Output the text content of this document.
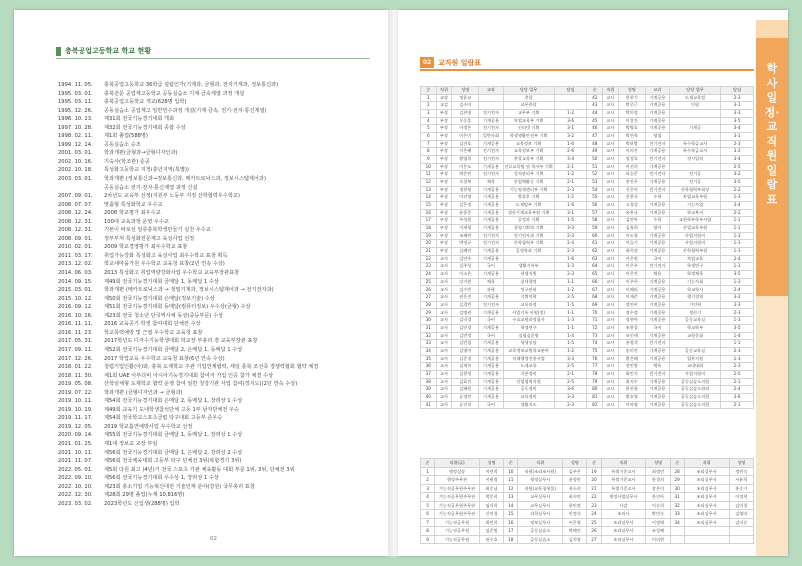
충북공업고등학교 학교 현황
1994. 11. 05. 충북공업고등학교 36학급 설립인가(기계과, 금형과, 전자기계과, 정보통신과)
1995. 03. 01. 충북전문 공업계고등학교 공동실습소 기계·금속계열 과정 개설
1995. 03. 11. 충북공업고등학교 개교(628명 입학)
1995. 12. 26. 공동실습소 공업계고 일반연수과정 개설(기계·금속, 전기·전자·통신계열)
1996. 10. 23. 제31회 전국기능경기대회 개최
1997. 10. 28. 제32회 전국기능경기대회 종합 수상
1998. 02. 11. 제1회 졸업(588명)
1999. 12. 14. 공동실습소 승조
2001. 03. 01. 학과개편(금형과→금형디자인과)
2002. 10. 16. 기숙사(학조관) 준공
2002. 10. 18. 특성화고등학교 지정(충년지역(특별))
2003. 03. 01. 학과개편 (정보통신과→정보통신과, 메카트로닉스과, 정보시스템제어과)
공동실습소 전기·전자·통신계열 과정 신설
2007. 09. 01. 2차년도 교육부 선정(지원부 노동부 지정 산학협력우수학교)
2008. 07. 07. 맞춤형 특성화학교 우수교
2008. 12. 24. 2008 학교평가 최우수교
2008. 12. 31. 100대 교육과정 운영 우수교
2008. 12. 31. 기본이 바로선 일류충북학생만들기 실천 우수교
2008. 09. 01. 정부부처 특성화전문계고 육성사업 선정
2010. 02. 01. 2009 학교경영평가 최우수학교 표창
2011. 03. 17. 취업가능강화 특성화고 육성사업 최우수학교 표창 획득
2013. 12. 02. 학교새마을가원 우수학교 교육청 표창(2년 연속 수상)
2014. 06. 03. 2013 특성화고 취업역량강화사업 우수학교 교육부장관표창
2014. 09. 15. 제49회 전국기능경기대회 금메달 1, 동메달 1 수상
2015. 03. 01. 학과개편 (메카트로닉스과 → 정밀기계과, 정보시스템제어과 → 전기전자과)
2015. 10. 12. 제50회 전국기능경기대회 은메달(정보기술) 수상
2016. 09. 12. 제51회 전국기능경기대회 동메달(컴퓨터정보) 우수상(금형) 수상
2016. 10. 16. 제23회 전국 청소년 단국역사체 동상(중등부문) 수상
2016. 11. 11. 2016 교육공기 학생 참여대회 단체전 수상
2016. 11. 23. 학교폭력예방 및 근절 우수학교 교육청 표창
2017. 05. 31. 2017학년도 디자수기능학생대회 학교장 부총리 겸 교육부장관 표창
2017. 09. 11. 제52회 전국기능경기대회 금메달 2, 은메달 1, 동메달 1 수상
2017. 12. 26. 2017 학업교육 우수학교 교육청 표창(6년 연속 수상)
2018. 01. 22. 청렴기업인활(아)와, 충북 도제학교 주관 기업연계협력, 세일 충북 조선족 경쟁력협회 협약 체결
2018. 11. 30. 제1회 UAE 아부다비 아시아기능경기대회 참여자 가입 인증 참가 체결 수상
2019. 05. 08. 산학일체형 도제학교 협약 운영 참여 일반 청강기관 사업 참여(경지도)(2년 연속 수상)
2019. 07. 22. 학과개편 (금형디자인과 → 금형과)
2019. 10. 11. 제54회 전국기능경기대회 은메달 2, 동메달 1, 장려상 1 수상
2019. 10. 19. 제49회 교육기 도내학생참석단체 고등 1부 남자단체전 우승
2019. 11. 17. 제54회 전국학교스포츠클럽 탁구대회 고등부 준우승
2019. 12. 05. 2019 학교흡연예방사업 우수학교 선정
2020. 09. 14. 제55회 전국기능경기대회 금메달 1, 동메달 1, 장려상 1 수상
2021. 01. 25. 제1대 정보교 교장 부임
2021. 10. 11. 제56회 전국기능경기대회 금메달 1, 은메달 2, 장려상 2 수상
2021. 11. 07. 제56회 전국체육대회 고등부 탁구 단체전 3위(복합경기 3위)
2022. 05. 01. 제5회 다원 최고 (4년)기 전국 스포츠 기관 체육활동 대회 부문 1위, 3위, 단체전 3위
2022. 09. 10. 제56회 전국기능경기대회 우수상 1, 장려상 1 수상
2022. 10. 20. 제23회 충소기업 기능혁신대전 기술인재 분야(강원) 국무총리 표창
2022. 12. 30. 제28회 29명 졸업(누계 10,816명)
2023. 03. 02. 2023학년도 신입생(288명) 입학
02
02 교직원 일람표
순	직위	성명	교과	담당 업무	담임	순	직위	성명	교과	담당 업무	담임
1	교장	정윤교		총괄		42	교사	한찬기	기계공용	도제교육팀	2-3
2	교감	김수미		교무총괄		43	교사	박중근	기계공용	인평	3-1
3	부장	김찬영	전기전자	교무부 기획	1-2	44	교사	박미정	기계공용		3-3
4	부장	오동훈	기계공용	차업교육부 기획	3-6	45	교사	이창진	기계공용		3-5
5	부장	이정은	전기전자	인터넷 기획	3-1	46	교사	박병호	기계공용	기계공	3-4
6	부장	이은미	일반사회	학생생활안전부 기획	3-2	47	교사	박진혁	영업		3-1
7	부장	김진호	기계공용	교육정보 기획	1-6	48	교사	박보람	전기전자	특수학급교사	2-3
8	부장	이은해	전기전자	교육정보부 기획	2-6	49	교사	이의진	기계공용	특수학급교사	3-2
9	부장	황영희	전기전자	총괄교육부 기획	3-4	50	교사	정성호	전기전자	정시입학	3-4
10	부장	이은도	기계공용	진로교육팀 및 학자부 기획	2-1	51	교사	이선희	기계공용		2-5
11	부장	박은빈	전기전자	성적관리부 기획	1-2	52	교사	하승준	전기전자	전기공	3-2
12	부장	오창복	체육	산업체활동 기획	2-1	53	교사	홍진우	기계공용	전기공	3-5
13	부장	정찬영	기계공용	기능영재센터부 기획	2-3	54	교사	신은비	전기전자	산학협력부회장	2-2
14	부장	이선영	기계공용	방과후 기획	1-2	55	교사	진한식	수학	차업교육부원	1-3
15	부장	김은정	기계공용	도제팀부 기획	1-6	56	교사	고경성	기계공용	기능사업	3-4
16	부장	유종준	기계공용	생산기계교육부원 기획	3-1	57	교사	유홍규	기계공용	학교복지	2-2
17	부장	주성원	기계공용	공정과 기획	1-5	58	교사	김연아	수학	교원학부학부사업	1-1
18	부장	이재형	기계공용	경영기획과 기획	3-3	59	교사	김율희	영어	산업교육부원	1-1
19	부장	조혜빈	전기전자	전기전자과 기획	2-3	60	교사	이도형	기계공용	사업지원비	1-3
20	부장	박정규	전기전자	산학협력부 기획	2-4	61	교사	이슬기	기계공용	사업지원비	1-1
21	부장	김혜연	기계공용	공정학과 기획	2-3	62	교사	최희정	기계공용	산학협력부원	1-1
22	교사	김연주	기계공용		1-6	63	교사	이은원	국어	차업교육	2-4
23	교사	김주성	국어	생활기록부	1-3	64	교사	이은주	전기전자	학생연구	1-1
24	교사	이소은	기계공용	학생지원	2-3	65	교사	이은진	체육	학생체육	3-5
25	교사	강기원	체육	실내행정	1-1	66	교사	이주희	기계공용	기능사회	1-3
26	교사	김수빈	과학	연구관리	1-2	67	교사	이혜리	기계공용	학교학사	2-4
27	교사	권은진	기계공용	기획연락	2-5	68	교사	이재준	기계공용	행기경영	3-2
28	교사	김경빈	전기전자	교육과정	1-5	69	교사	정연비	기계공용	기인력	3-3
29	교사	김병권	기계공용	사업기록 지원(정)	1-1	70	교사	정수정	기계공용	생산기	2-3
30	교사	김미경	국어	수요교원과정참사	1-3	71	교사	정현아	기계공용	공동교육실	1-3
31	교사	김민경	기계공용	학생연구	1-1	72	교사	조한결	국어	학교학부	3-5
32	교사	김민정	국어	실험실운영	1-4	73	교사	조인애	기계공용	교원문화	1-4
33	교사	김민철	기계공용	학생상담	1-5	74	교사	홍영석	전기전자		1-1
34	교사	김영아	기계공용	교육정보교원학교분야	1-2	75	교사	송미진	기계공용	공동교육실	2-3
35	교사	김준경	기계공용	미래행정진흥사업	3-3	76	교사	황은혜	기계공용	업무지원	1-3
36	교사	김재록	기계공용	도제교육	2-5	77	교사	전민영	체육	교내대회	2-3
37	교사	김현정	기계공용	기본정비	2-1	78	교사	최민지	전기전자	사업지원비	2-5
38	교사	김효진	기계공용	산업협력지원	2-5	79	교사	최지수	기계공용	공동실습소지원	2-1
39	교사	김혜원	기계공용	공동정비	3-6	80	교사	한진형	기계공용	공동실습소관리	2-4
40	교사	류정빈	기계공용	교육정비	3-3	81	교사	황호영	기계공용	공동실습소지원	3-6
41	교사	류진희	국어	생활지도	2-3	82	교사	이아영	기계공용	공동실습소지원	2-1
순	직위(급)	성명	순	직위	성명	순	직위	성명	순	직위	성명
1	행정실장	이연희	10	직원(조리조사원)	김주은	19	특별기준교사	최정민	28	조리실무사	정민숙
2	행정주무관	이원정	11	행정실무사	윤정민	20	특별기준교사	한경희	29	조리실무사	서윤희
3	기능직공무원주무관	최순남	12	직원(교육청세물)	홍소희	21	특별기준교사	장은미	30	조리실무사	홍순기
4	기능직공무원주무관	박문희	13	교무실무사	최지연	22	행정사업실무사	한진아	31	조리실무사	이정희
5	기능직공무원주무관	임서희	14	교무실무사	윤민정	23	사감	이순희	32	조리실무사	김미경
6	기능직공무원주무관	신미경	15	과학실무사	안정식	24	조리사	박민숙	33	조리실무사	김영미
7	기능직공무원	최민희	16	정보실무사	이은영	25	조리실무사	이정애	34	조리실무사	김미순
8	기능직공무원	임준원	17	공동실습소	박혜진	26	조리실무사	조성혜			
9	기능직공무원	권수호	18	공동실습소	김지영	27	조리실무사	이미현			
학사일정·교직원일람표
